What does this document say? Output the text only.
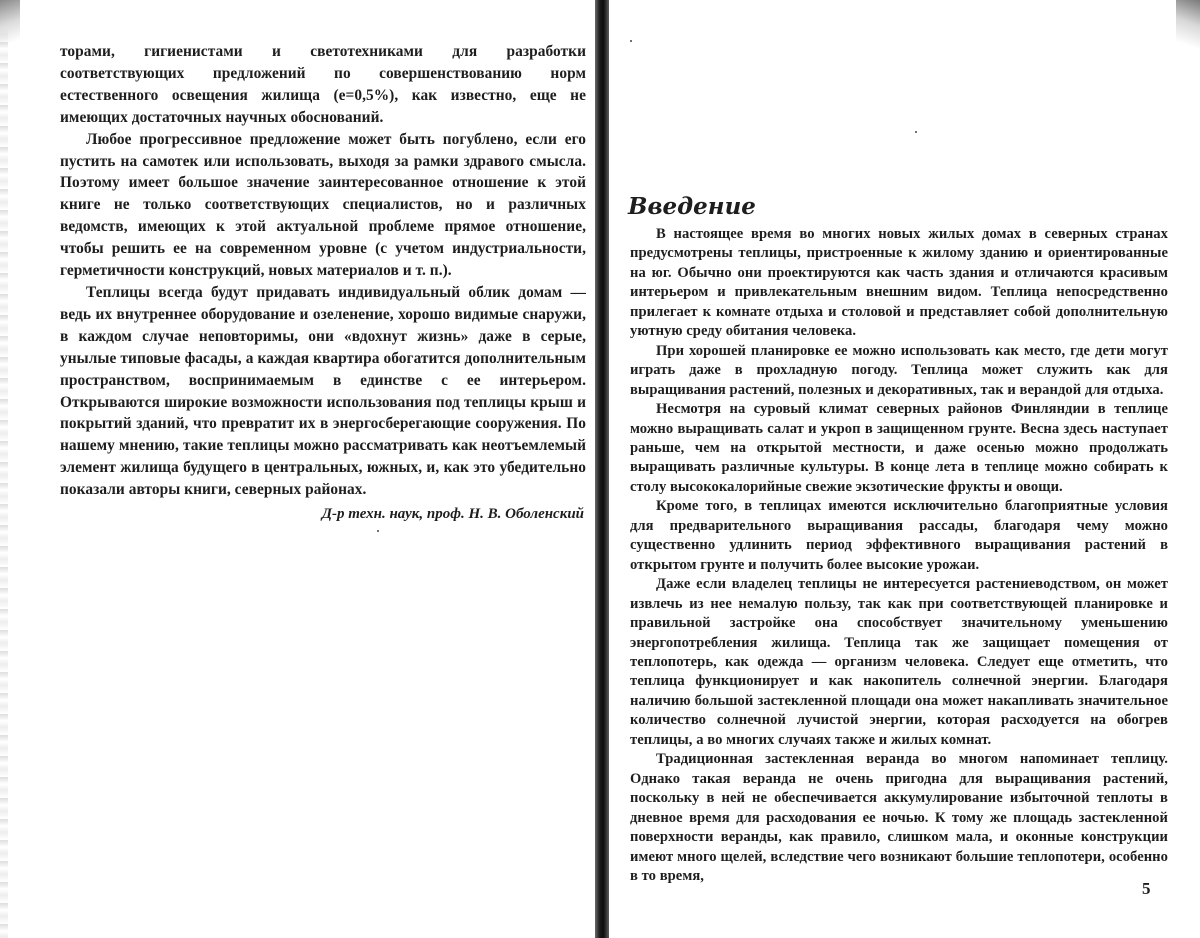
торами, гигиенистами и светотехниками для разработки соответствующих предложений по совершенствованию норм естественного освещения жилища (е=0,5%), как известно, еще не имеющих достаточных научных обоснований.

Любое прогрессивное предложение может быть погублено, если его пустить на самотек или использовать, выходя за рамки здравого смысла. Поэтому имеет большое значение заинтересованное отношение к этой книге не только соответствующих специалистов, но и различных ведомств, имеющих к этой актуальной проблеме прямое отношение, чтобы решить ее на современном уровне (с учетом индустриальности, герметичности конструкций, новых материалов и т. п.).

Теплицы всегда будут придавать индивидуальный облик домам — ведь их внутреннее оборудование и озеленение, хорошо видимые снаружи, в каждом случае неповторимы, они «вдохнут жизнь» даже в серые, унылые типовые фасады, а каждая квартира обогатится дополнительным пространством, воспринимаемым в единстве с ее интерьером. Открываются широкие возможности использования под теплицы крыш и покрытий зданий, что превратит их в энергосберегающие сооружения. По нашему мнению, такие теплицы можно рассматривать как неотъемлемый элемент жилища будущего в центральных, южных, и, как это убедительно показали авторы книги, северных районах.

Д-р техн. наук, проф. Н. В. Оболенский
Введение

В настоящее время во многих новых жилых домах в северных странах предусмотрены теплицы, пристроенные к жилому зданию и ориентированные на юг. Обычно они проектируются как часть здания и отличаются красивым интерьером и привлекательным внешним видом. Теплица непосредственно прилегает к комнате отдыха и столовой и представляет собой дополнительную уютную среду обитания человека.

При хорошей планировке ее можно использовать как место, где дети могут играть даже в прохладную погоду. Теплица может служить как для выращивания растений, полезных и декоративных, так и верандой для отдыха.

Несмотря на суровый климат северных районов Финляндии в теплице можно выращивать салат и укроп в защищенном грунте. Весна здесь наступает раньше, чем на открытой местности, и даже осенью можно продолжать выращивать различные культуры. В конце лета в теплице можно собирать к столу высококалорийные свежие экзотические фрукты и овощи.

Кроме того, в теплицах имеются исключительно благоприятные условия для предварительного выращивания рассады, благодаря чему можно существенно удлинить период эффективного выращивания растений в открытом грунте и получить более высокие урожаи.

Даже если владелец теплицы не интересуется растениеводством, он может извлечь из нее немалую пользу, так как при соответствующей планировке и правильной застройке она способствует значительному уменьшению энергопотребления жилища. Теплица так же защищает помещения от теплопотерь, как одежда — организм человека. Следует еще отметить, что теплица функционирует и как накопитель солнечной энергии. Благодаря наличию большой застекленной площади она может накапливать значительное количество солнечной лучистой энергии, которая расходуется на обогрев теплицы, а во многих случаях также и жилых комнат.

Традиционная застекленная веранда во многом напоминает теплицу. Однако такая веранда не очень пригодна для выращивания растений, поскольку в ней не обеспечивается аккумулирование избыточной теплоты в дневное время для расходования ее ночью. К тому же площадь застекленной поверхности веранды, как правило, слишком мала, и оконные конструкции имеют много щелей, вследствие чего возникают большие теплопотери, особенно в то время,

5
